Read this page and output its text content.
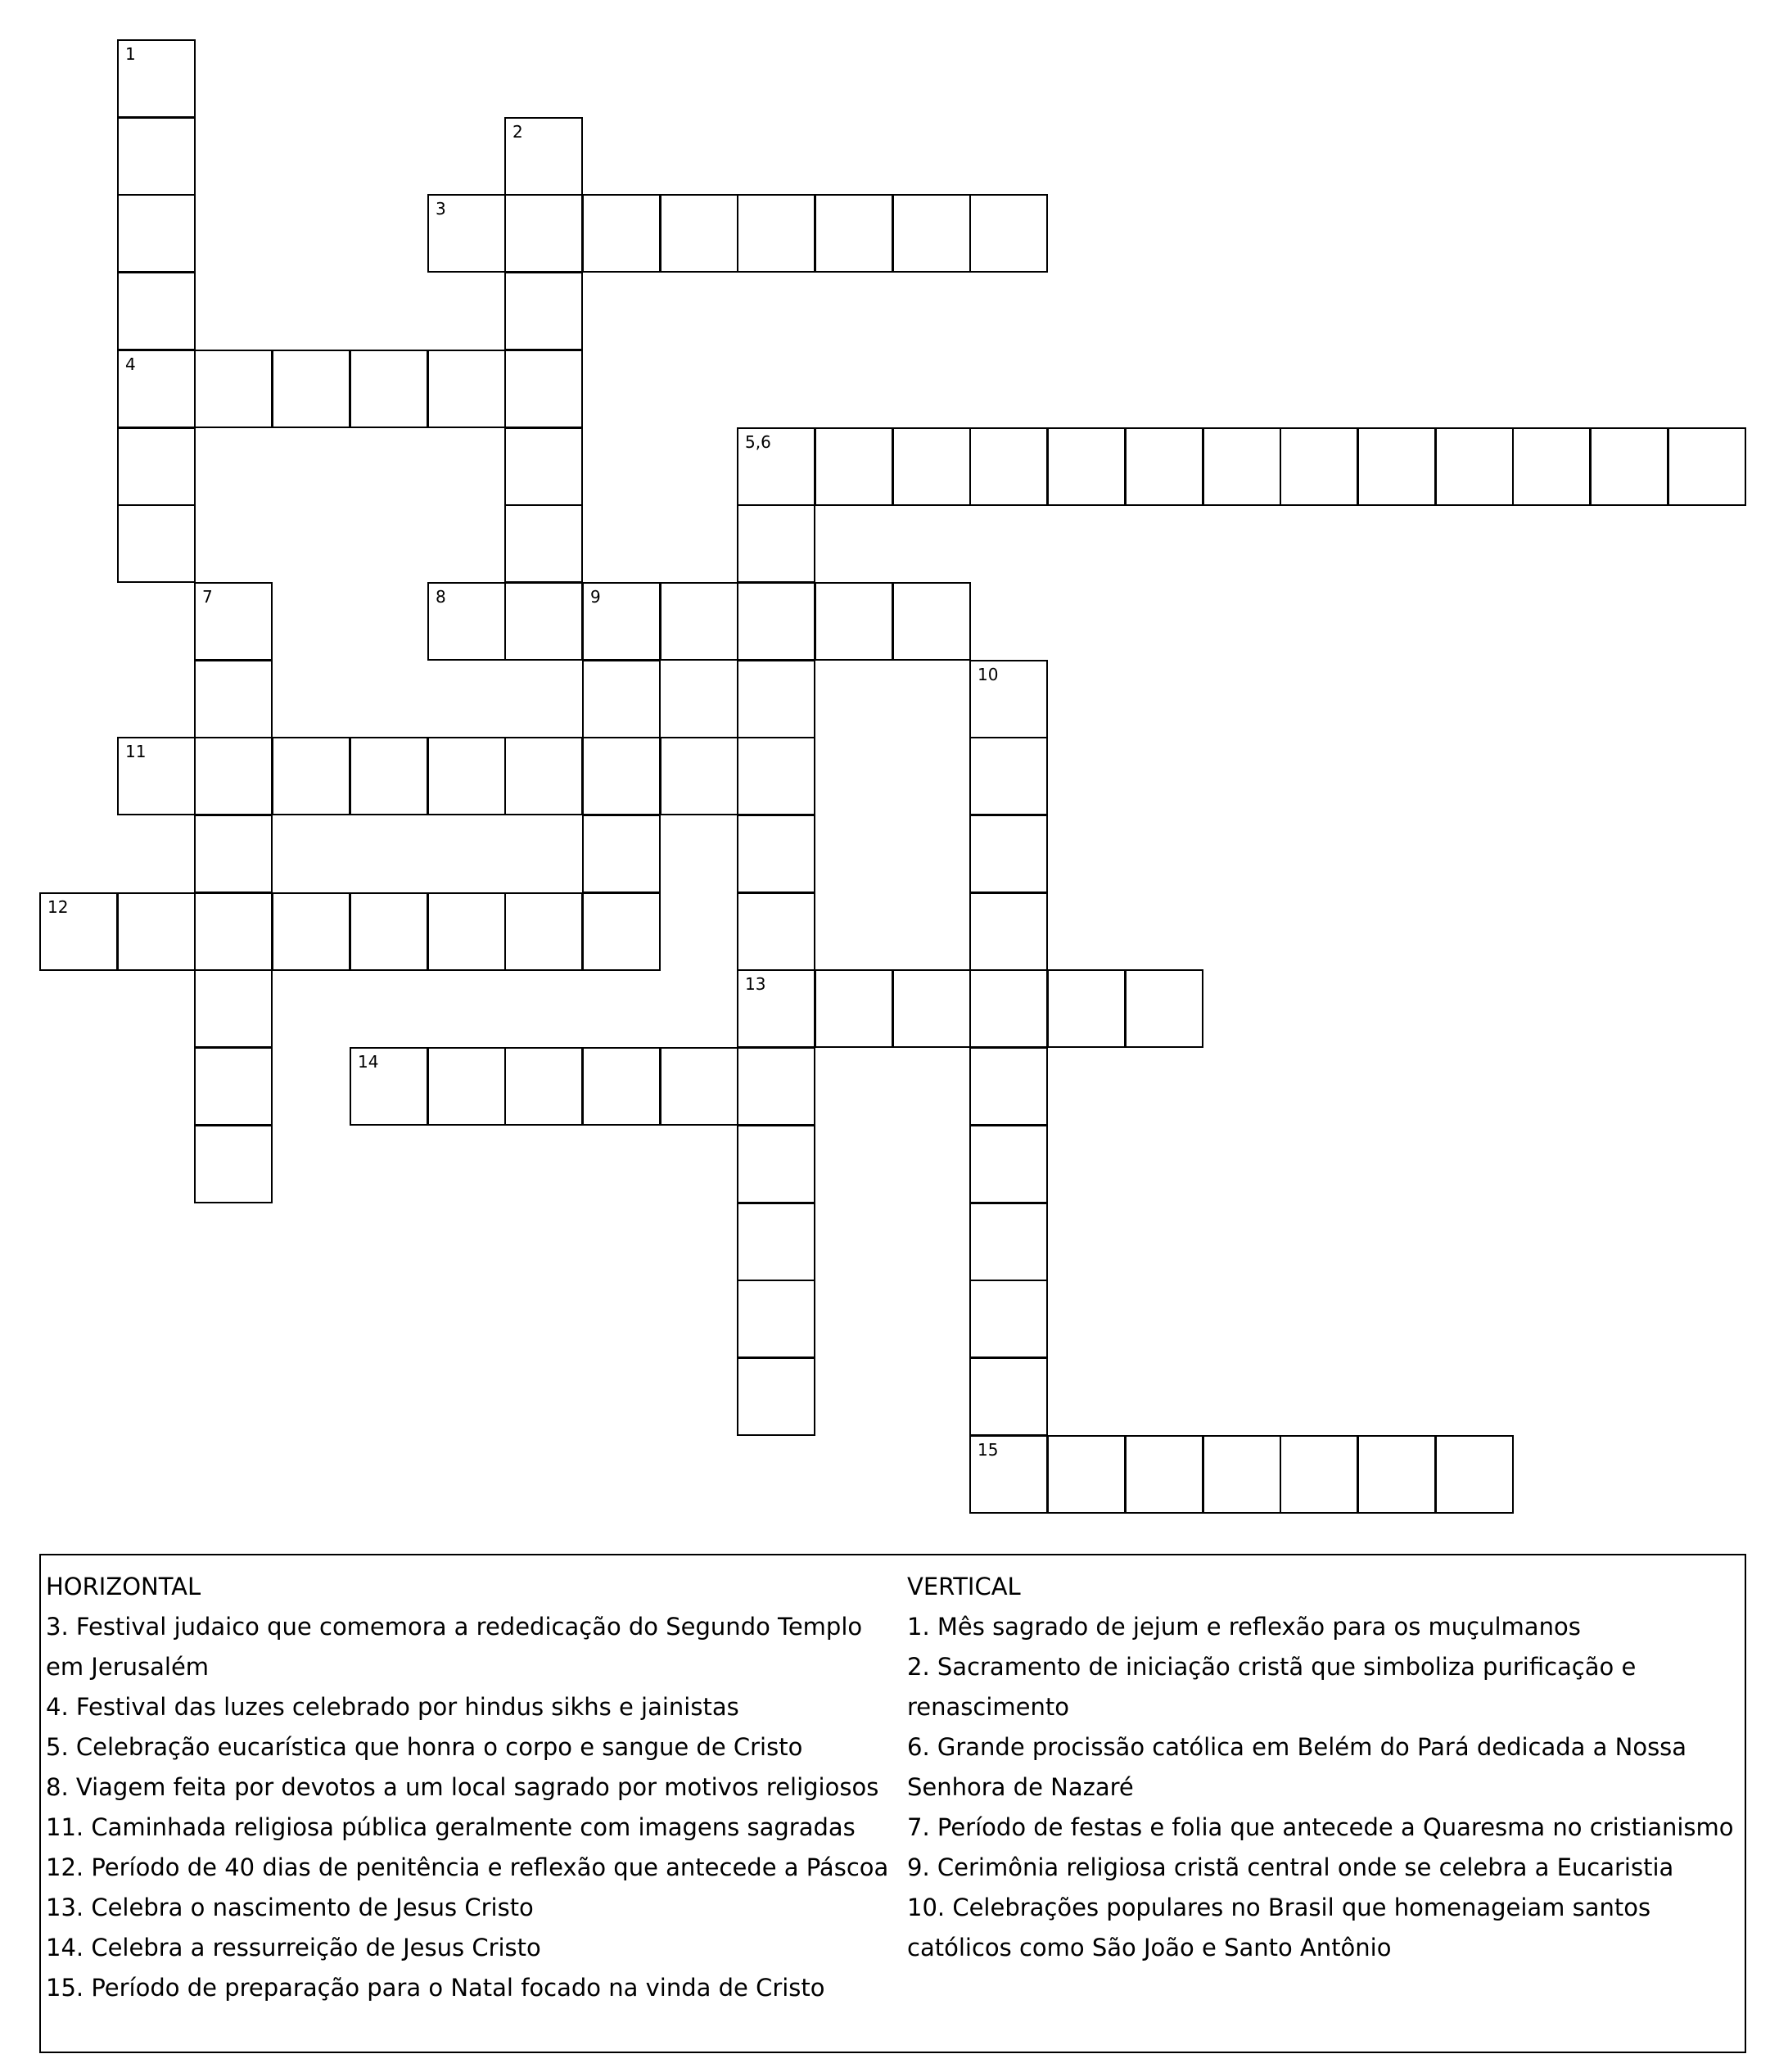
1
4
2
3
5,6
13
7	8	9
10
15
11
12
14
HORIZONTAL

3. Festival judaico que comemora a rededicação do Segundo Templo em Jerusalém

4. Festival das luzes celebrado por hindus sikhs e jainistas

5. Celebração eucarística que honra o corpo e sangue de Cristo

8. Viagem feita por devotos a um local sagrado por motivos religiosos

11. Caminhada religiosa pública geralmente com imagens sagradas

12. Período de 40 dias de penitência e reflexão que antecede a Páscoa

13. Celebra o nascimento de Jesus Cristo

14. Celebra a ressurreição de Jesus Cristo

15. Período de preparação para o Natal focado na vinda de Cristo

VERTICAL

1. Mês sagrado de jejum e reflexão para os muçulmanos

2. Sacramento de iniciação cristã que simboliza purificação e renascimento

6. Grande procissão católica em Belém do Pará dedicada a Nossa Senhora de Nazaré

7. Período de festas e folia que antecede a Quaresma no cristianismo

9. Cerimônia religiosa cristã central onde se celebra a Eucaristia

10. Celebrações populares no Brasil que homenageiam santos católicos como São João e Santo Antônio
